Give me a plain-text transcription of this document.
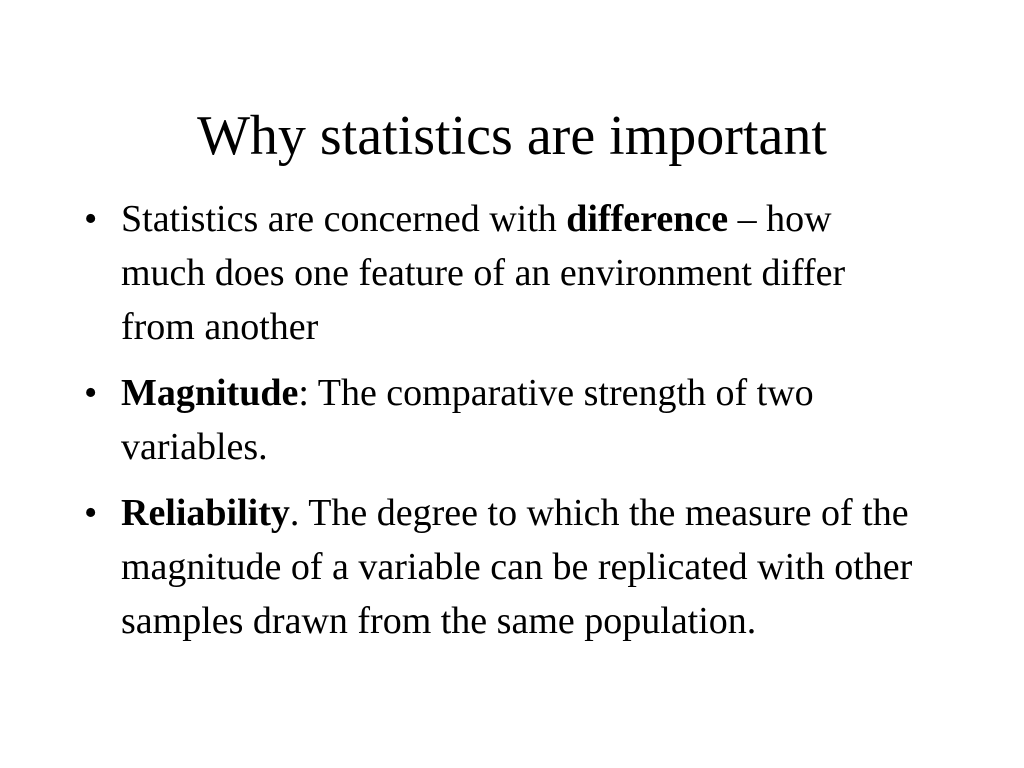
Why statistics are important
• Statistics are concerned with difference – how much does one feature of an environment differ from another
• Magnitude: The comparative strength of two variables.
• Reliability. The degree to which the measure of the magnitude of a variable can be replicated with other samples drawn from the same population.
